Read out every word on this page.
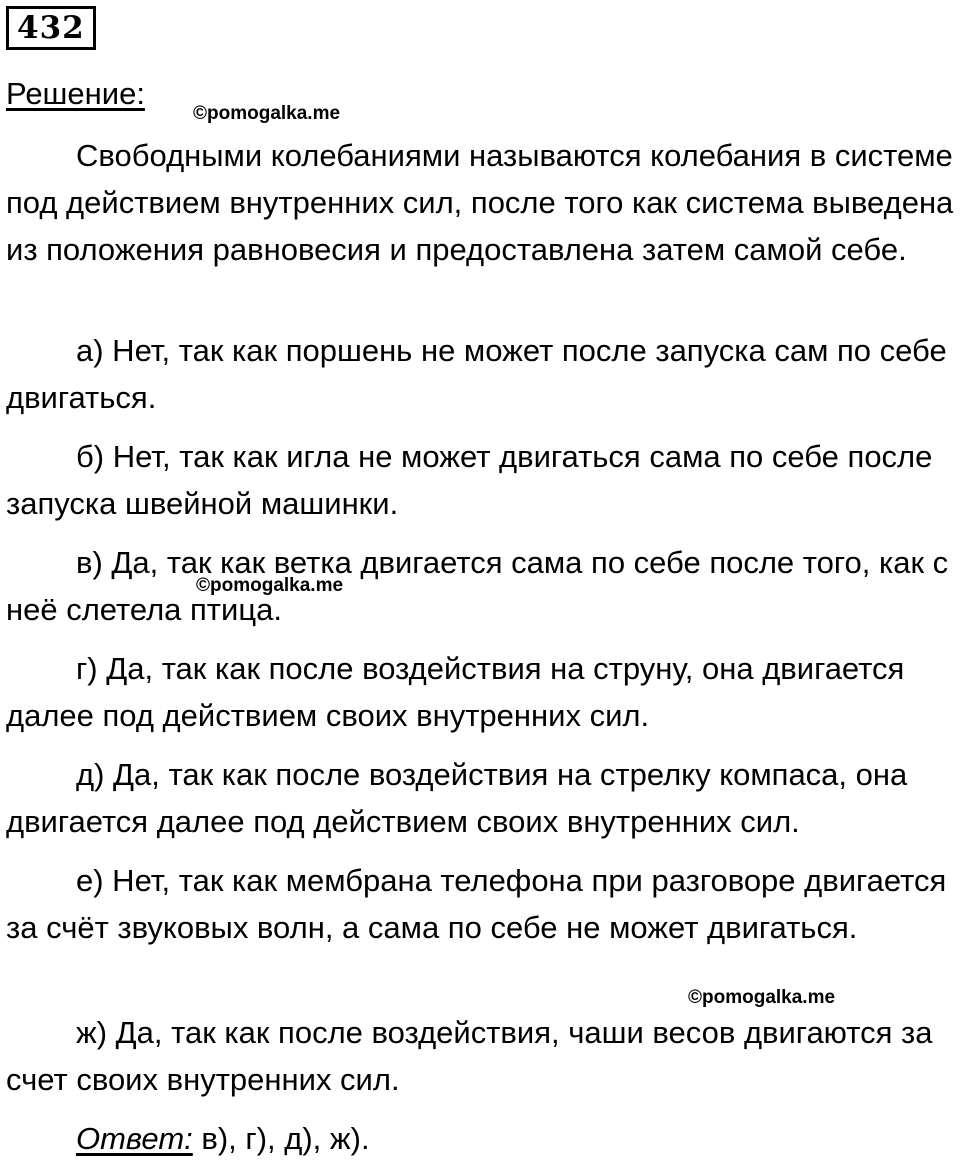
432
Решение:
©pomogalka.me

Свободными колебаниями называются колебания в системе под действием внутренних сил, после того как система выведена из положения равновесия и предоставлена затем самой себе.

а) Нет, так как поршень не может после запуска сам по себе двигаться.

б) Нет, так как игла не может двигаться сама по себе после запуска швейной машинки.

в) Да, так как ветка двигается сама по себе после того, как с неё слетела птица.

©pomogalka.me

г) Да, так как после воздействия на струну, она двигается далее под действием своих внутренних сил.

д) Да, так как после воздействия на стрелку компаса, она двигается далее под действием своих внутренних сил.

е) Нет, так как мембрана телефона при разговоре двигается за счёт звуковых волн, а сама по себе не может двигаться.

©pomogalka.me

ж) Да, так как после воздействия, чаши весов двигаются за счет своих внутренних сил.

Ответ: в), г), д), ж).
